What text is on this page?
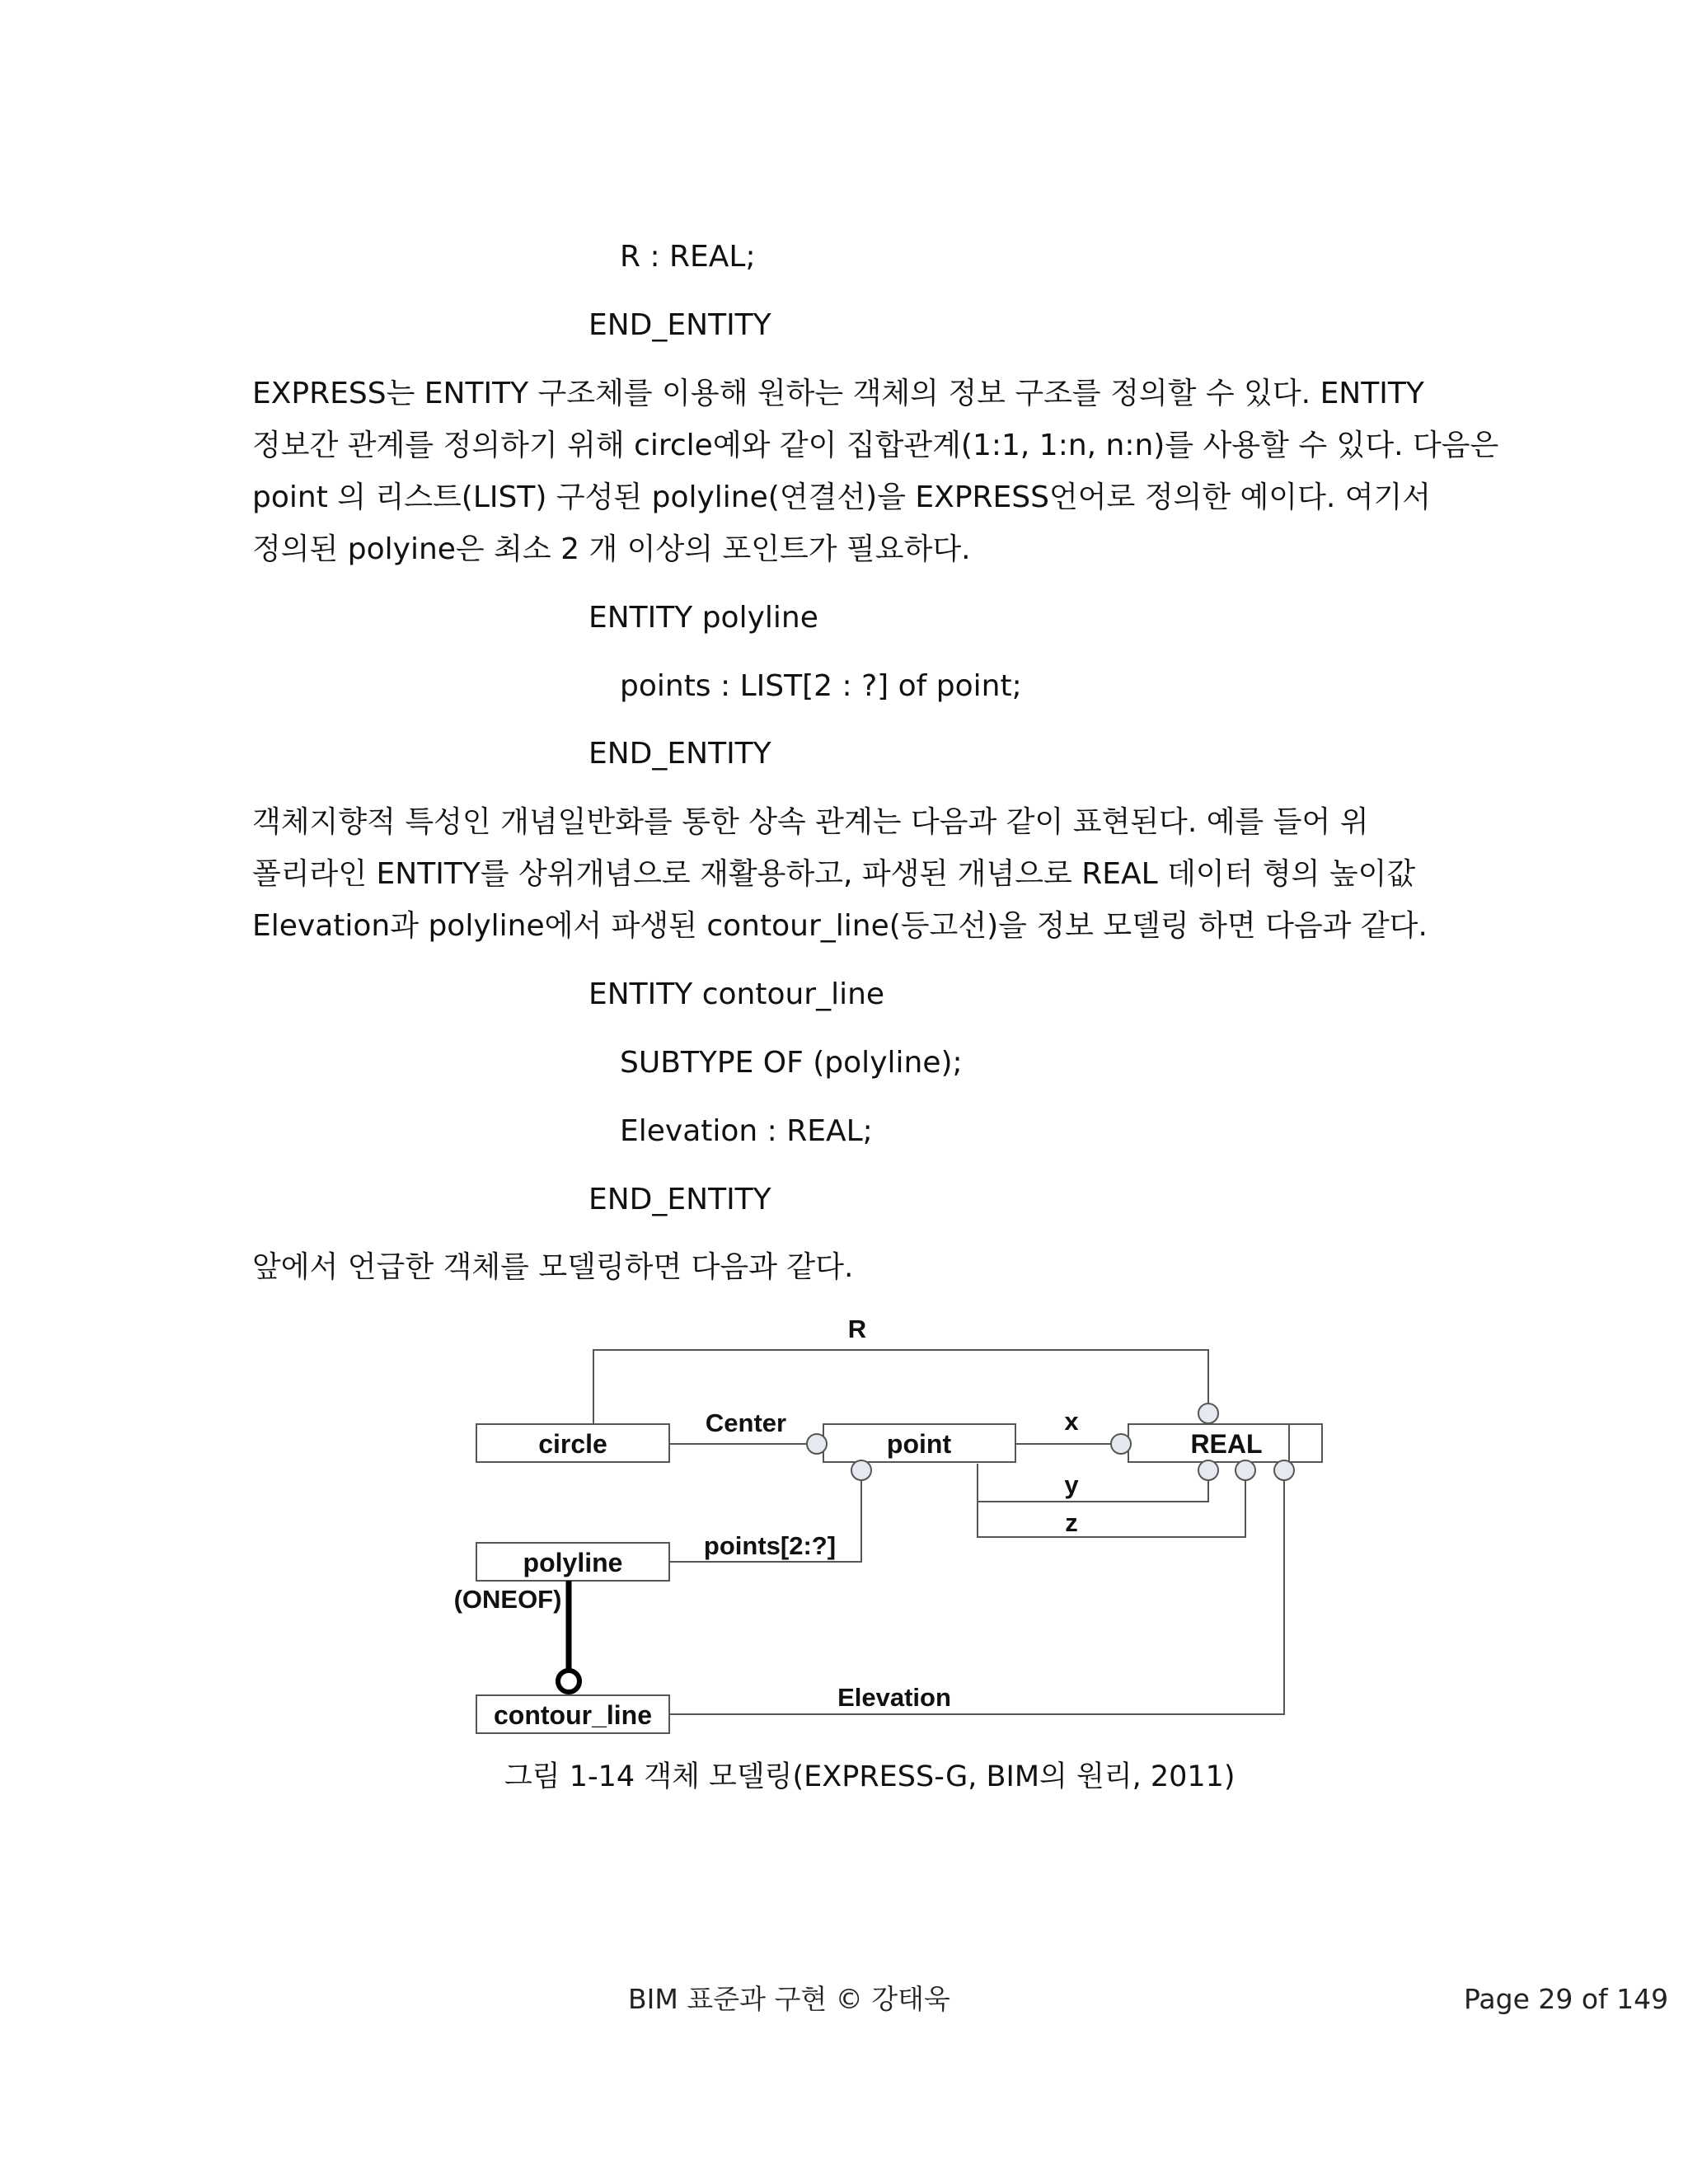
R : REAL;
END_ENTITY
EXPRESS는 ENTITY 구조체를 이용해 원하는 객체의 정보 구조를 정의할 수 있다. ENTITY
정보간 관계를 정의하기 위해 circle예와 같이 집합관계(1:1, 1:n, n:n)를 사용할 수 있다. 다음은
point 의 리스트(LIST) 구성된 polyline(연결선)을 EXPRESS언어로 정의한 예이다. 여기서
정의된 polyine은 최소 2 개 이상의 포인트가 필요하다.
ENTITY polyline
points : LIST[2 : ?] of point;
END_ENTITY
객체지향적 특성인 개념일반화를 통한 상속 관계는 다음과 같이 표현된다. 예를 들어 위
폴리라인 ENTITY를 상위개념으로 재활용하고, 파생된 개념으로 REAL 데이터 형의 높이값
Elevation과 polyline에서 파생된 contour_line(등고선)을 정보 모델링 하면 다음과 같다.
ENTITY contour_line
SUBTYPE OF (polyline);
Elevation : REAL;
END_ENTITY
앞에서 언급한 객체를 모델링하면 다음과 같다.
circle	point	REAL
polyline
contour_line
R
Center	x
y
z
points[2:?]
(ONEOF)
Elevation
그림 1-14 객체 모델링(EXPRESS-G, BIM의 원리, 2011)
BIM 표준과 구현 © 강태욱	Page 29 of 149
